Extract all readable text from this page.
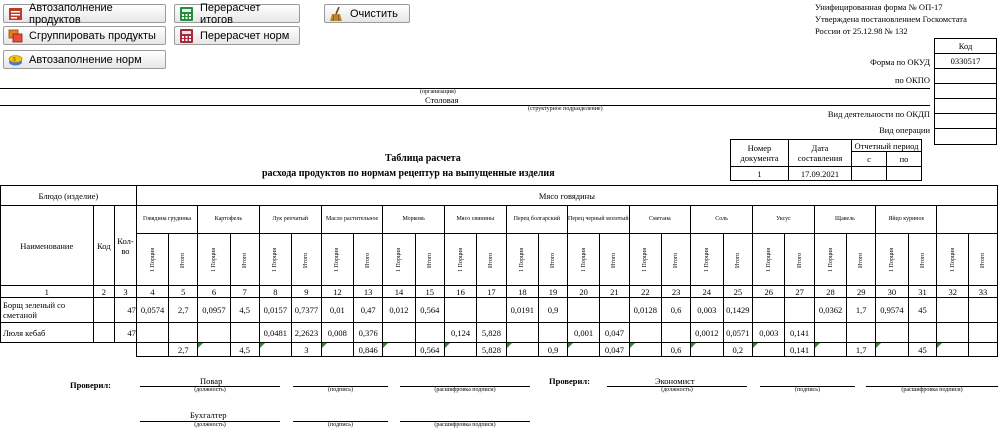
Автозаполнение продуктов
Перерасчет итогов	Очистить
Сгруппировать продукты	Перерасчет норм
$ Автозаполнение норм
Унифицированная форма № ОП-17
Утверждена постановлением Госкомстата
России от 25.12.98 № 132
Код
0330517
Форма по ОКУД
по ОКПО
Вид деятельности по ОКДП
Вид операции
(организация)
Столовая
(структурное подразделение)
Таблица расчета
расхода продуктов по нормам рецептур на выпущенные изделия
Номер документа	Дата составления	Отчетный период	
		с	по
1	17.09.2021		
Блюдо (изделие)			Мясо говядины																											
Наименование	Код	Кол-во	Говядина грудинка		Картофель		Лук репчатый		Масло растительное		Морковь		Мясо свинины		Перец болгарский		Перец черный молотый		Сметана		Соль		Уксус		Щавель		Яйцо куриное			

			1 Порция	Итого	1 Порция	Итого	1 Порция	Итого	1 Порция	Итого	1 Порция	Итого	1 Порция	Итого	1 Порция	Итого	1 Порция	Итого	1 Порция	Итого	1 Порция	Итого	1 Порция	Итого	1 Порция	Итого	1 Порция	Итого	1 Порция	Итого

1	2	3	4	5	6	7	8	9	12	13	14	15	16	17	18	19	20	21	22	23	24	25	26	27	28	29	30	31	32	33
Борщ зеленый со сметаной		47	0,0574	2,7	0,0957	4,5	0,0157	0,7377	0,01	0,47	0,012	0,564			0,0191	0,9			0,0128	0,6	0,003	0,1429			0,0362	1,7	0,9574	45		
Люля кебаб		47					0,0481	2,2623	0,008	0,376			0,124	5,828			0,001	0,047			0,0012	0,0571	0,003	0,141						
				2,7		4,5		3		0,846		0,564		5,828		0,9		0,047		0,6		0,2		0,141		1,7		45		
Проверил:	Повар
(должность)	(подпись)	(расшифровка подписи)
Проверил:	Экономист
(должность)	(подпись)	(расшифровка подписи)
Бухгалтер
(должность)	(подпись)	(расшифровка подписи)
